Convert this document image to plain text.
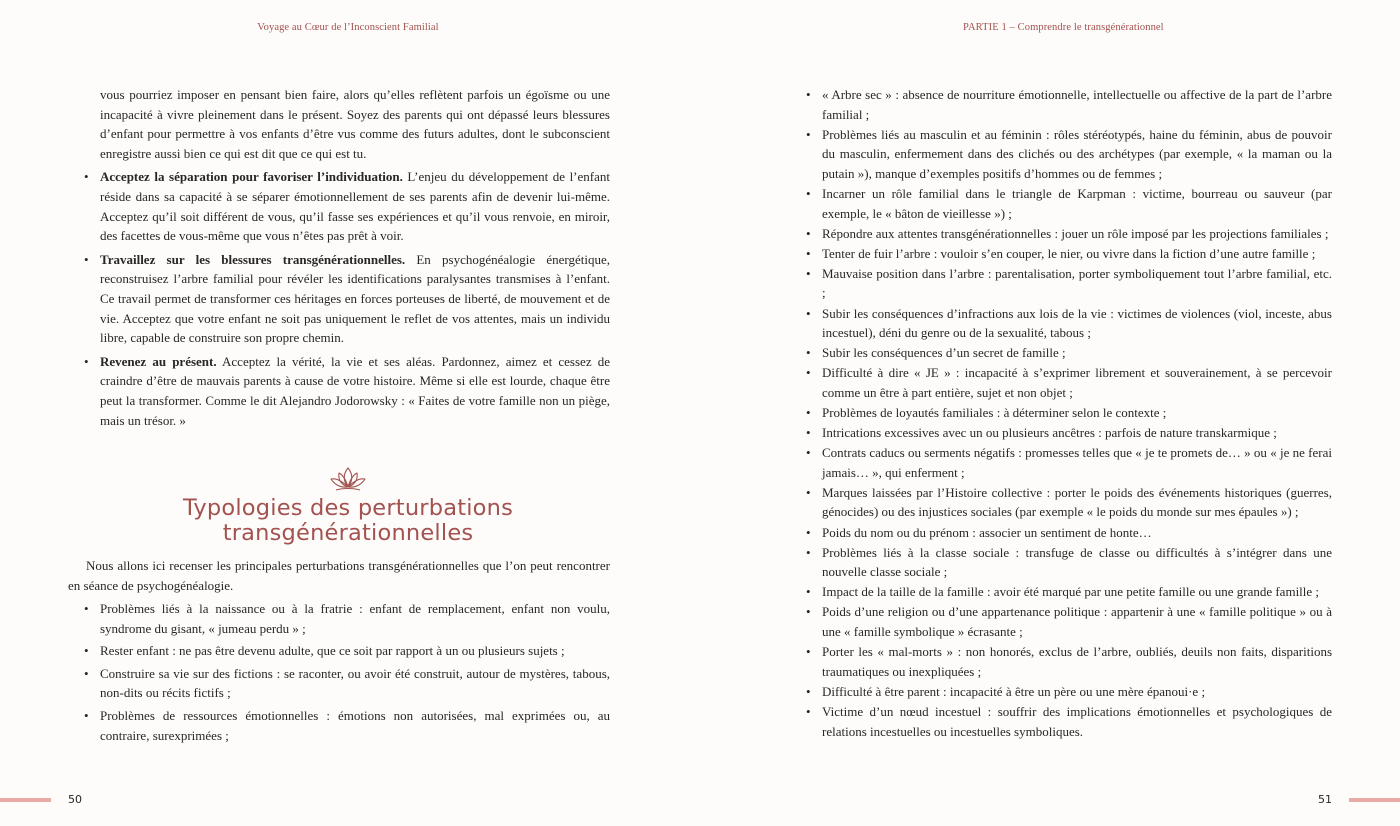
Voyage au Cœur de l’Inconscient Familial

vous pourriez imposer en pensant bien faire, alors qu’elles reflètent parfois un égoïsme ou une incapacité à vivre pleinement dans le présent. Soyez des parents qui ont dépassé leurs blessures d’enfant pour permettre à vos enfants d’être vus comme des futurs adultes, dont le subconscient enregistre aussi bien ce qui est dit que ce qui est tu.

• Acceptez la séparation pour favoriser l’individuation. L’enjeu du développement de l’enfant réside dans sa capacité à se séparer émotionnellement de ses parents afin de devenir lui-même. Acceptez qu’il soit différent de vous, qu’il fasse ses expériences et qu’il vous renvoie, en miroir, des facettes de vous-même que vous n’êtes pas prêt à voir.
• Travaillez sur les blessures transgénérationnelles. En psychogénéalogie énergétique, reconstruisez l’arbre familial pour révéler les identifications paralysantes transmises à l’enfant. Ce travail permet de transformer ces héritages en forces porteuses de liberté, de mouvement et de vie. Acceptez que votre enfant ne soit pas uniquement le reflet de vos attentes, mais un individu libre, capable de construire son propre chemin.
• Revenez au présent. Acceptez la vérité, la vie et ses aléas. Pardonnez, aimez et cessez de craindre d’être de mauvais parents à cause de votre histoire. Même si elle est lourde, chaque être peut la transformer. Comme le dit Alejandro Jodorowsky : « Faites de votre famille non un piège, mais un trésor. »
Typologies des perturbations
transgénérationnelles

Nous allons ici recenser les principales perturbations transgénérationnelles que l’on peut rencontrer en séance de psychogénéalogie.

• Problèmes liés à la naissance ou à la fratrie : enfant de remplacement, enfant non voulu, syndrome du gisant, « jumeau perdu » ;
• Rester enfant : ne pas être devenu adulte, que ce soit par rapport à un ou plusieurs sujets ;
• Construire sa vie sur des fictions : se raconter, ou avoir été construit, autour de mystères, tabous, non-dits ou récits fictifs ;
• Problèmes de ressources émotionnelles : émotions non autorisées, mal exprimées ou, au contraire, surexprimées ;
50
PARTIE 1 – Comprendre le transgénérationnel
• « Arbre sec » : absence de nourriture émotionnelle, intellectuelle ou affective de la part de l’arbre familial ;
• Problèmes liés au masculin et au féminin : rôles stéréotypés, haine du féminin, abus de pouvoir du masculin, enfermement dans des clichés ou des archétypes (par exemple, « la maman ou la putain »), manque d’exemples positifs d’hommes ou de femmes ;
• Incarner un rôle familial dans le triangle de Karpman : victime, bourreau ou sauveur (par exemple, le « bâton de vieillesse ») ;
• Répondre aux attentes transgénérationnelles : jouer un rôle imposé par les projections familiales ;
• Tenter de fuir l’arbre : vouloir s’en couper, le nier, ou vivre dans la fiction d’une autre famille ;
• Mauvaise position dans l’arbre : parentalisation, porter symboliquement tout l’arbre familial, etc. ;
• Subir les conséquences d’infractions aux lois de la vie : victimes de violences (viol, inceste, abus incestuel), déni du genre ou de la sexualité, tabous ;
• Subir les conséquences d’un secret de famille ;
• Difficulté à dire « JE » : incapacité à s’exprimer librement et souverainement, à se percevoir comme un être à part entière, sujet et non objet ;
• Problèmes de loyautés familiales : à déterminer selon le contexte ;
• Intrications excessives avec un ou plusieurs ancêtres : parfois de nature transkarmique ;
• Contrats caducs ou serments négatifs : promesses telles que « je te promets de… » ou « je ne ferai jamais… », qui enferment ;
• Marques laissées par l’Histoire collective : porter le poids des événements historiques (guerres, génocides) ou des injustices sociales (par exemple « le poids du monde sur mes épaules ») ;
• Poids du nom ou du prénom : associer un sentiment de honte…
• Problèmes liés à la classe sociale : transfuge de classe ou difficultés à s’intégrer dans une nouvelle classe sociale ;
• Impact de la taille de la famille : avoir été marqué par une petite famille ou une grande famille ;
• Poids d’une religion ou d’une appartenance politique : appartenir à une « famille politique » ou à une « famille symbolique » écrasante ;
• Porter les « mal-morts » : non honorés, exclus de l’arbre, oubliés, deuils non faits, disparitions traumatiques ou inexpliquées ;
• Difficulté à être parent : incapacité à être un père ou une mère épanoui·e ;
• Victime d’un nœud incestuel : souffrir des implications émotionnelles et psychologiques de relations incestuelles ou incestuelles symboliques.
51
